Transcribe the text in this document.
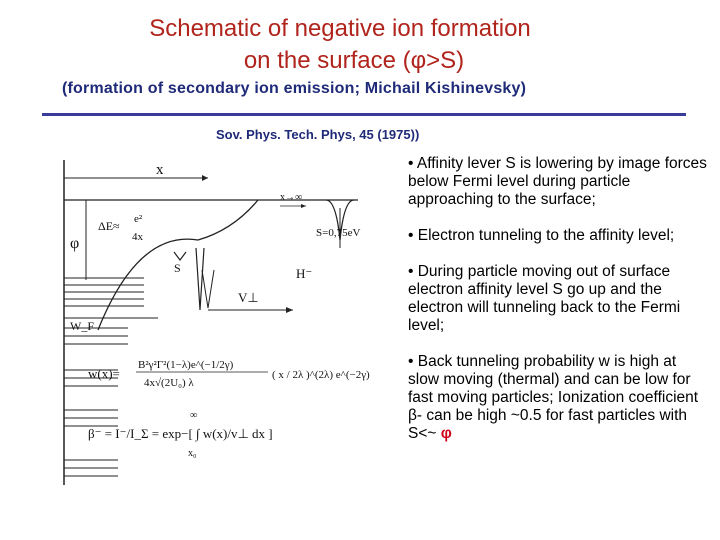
Schematic of negative ion formation
on the surface (φ>S)
(formation of secondary ion emission; Michail Kishinevsky)
Sov. Phys. Tech. Phys, 45 (1975))
x
x→∞
S=0,75eV
H⁻
φ
ΔE≈ e²
4x
S
V⊥
W_F
w(x)=
B²γ²Γ²(1−λ)e^(−1/2γ)
4x√(2U₀) λ
( x / 2λ )^(2λ) e^(−2γ)
β⁻ = I⁻/I_Σ = exp−[ ∫ w(x)/v⊥ dx ]
∞
x₀
• Affinity lever S is lowering by image forces below Fermi level during particle approaching to the surface;
• Electron tunneling to the affinity level;
• During particle moving out of surface electron affinity level S go up and the electron will tunneling back to the Fermi level;
• Back tunneling probability w is high at slow moving (thermal) and can be low for fast moving particles; Ionization coefficient β- can be high ~0.5 for fast particles with S<~ φ
